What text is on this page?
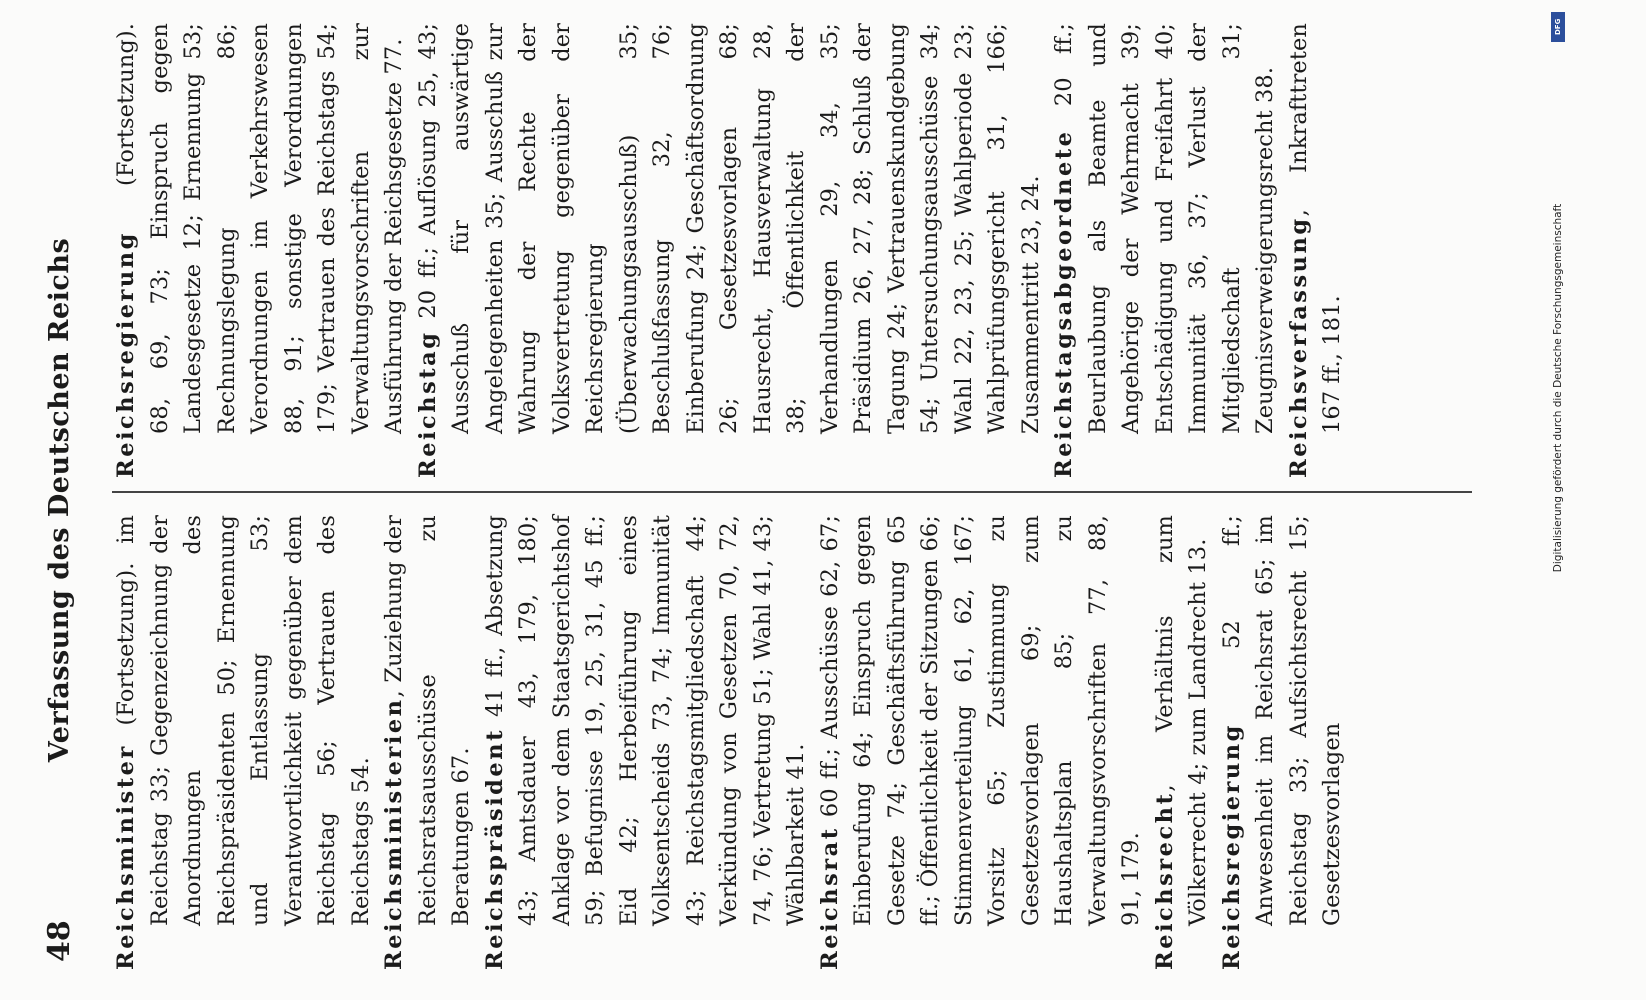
48
Verfassung des Deutschen Reichs

Reichsminister (Fortsetzung). im Reichstag 33; Gegenzeichnung der Anordnungen des Reichspräsidenten 50; Ernennung und Entlassung 53; Verantwortlichkeit gegenüber dem Reichstag 56; Vertrauen des Reichstags 54. Reichsministerien, Zuziehung der Reichsratsausschüsse zu Beratungen 67. Reichspräsident 41 ff., Absetzung 43; Amtsdauer 43, 179, 180; Anklage vor dem Staatsgerichtshof 59; Befugnisse 19, 25, 31, 45 ff.; Eid 42; Herbeiführung eines Volksentscheids 73, 74; Immunität 43; Reichstagsmitgliedschaft 44; Verkündung von Gesetzen 70, 72, 74, 76; Vertretung 51; Wahl 41, 43; Wählbarkeit 41. Reichsrat 60 ff.; Ausschüsse 62, 67; Einberufung 64; Einspruch gegen Gesetze 74; Geschäftsführung 65 ff.; Öffentlichkeit der Sitzungen 66; Stimmenverteilung 61, 62, 167; Vorsitz 65; Zustimmung zu Gesetzesvorlagen 69; zum Haushaltsplan 85; zu Verwaltungsvorschriften 77, 88, 91, 179. Reichsrecht, Verhältnis zum Völkerrecht 4; zum Landrecht 13. Reichsregierung 52 ff.; Anwesenheit im Reichsrat 65; im Reichstag 33; Aufsichtsrecht 15; Gesetzesvorlagen

Reichsregierung (Fortsetzung). 68, 69, 73; Einspruch gegen Landesgesetze 12; Ernennung 53; Rechnungslegung 86; Verordnungen im Verkehrswesen 88, 91; sonstige Verordnungen 179; Vertrauen des Reichstags 54; Verwaltungsvorschriften zur Ausführung der Reichsgesetze 77. Reichstag 20 ff.; Auflösung 25, 43; Ausschuß für auswärtige Angelegenheiten 35; Ausschuß zur Wahrung der Rechte der Volksvertretung gegenüber der Reichsregierung (Überwachungsausschuß) 35; Beschlußfassung 32, 76; Einberufung 24; Geschäftsordnung 26; Gesetzesvorlagen 68; Hausrecht, Hausverwaltung 28, 38; Öffentlichkeit der Verhandlungen 29, 34, 35; Präsidium 26, 27, 28; Schluß der Tagung 24; Vertrauenskundgebung 54; Untersuchungsausschüsse 34; Wahl 22, 23, 25; Wahlperiode 23; Wahlprüfungsgericht 31, 166; Zusammentritt 23, 24. Reichstagsabgeordnete 20 ff.; Beurlaubung als Beamte und Angehörige der Wehrmacht 39; Entschädigung und Freifahrt 40; Immunität 36, 37; Verlust der Mitgliedschaft 31; Zeugnisverweigerungsrecht 38. Reichsverfassung, Inkrafttreten 167 ff., 181.

DFG
Digitalisierung gefördert durch die Deutsche Forschungsgemeinschaft
